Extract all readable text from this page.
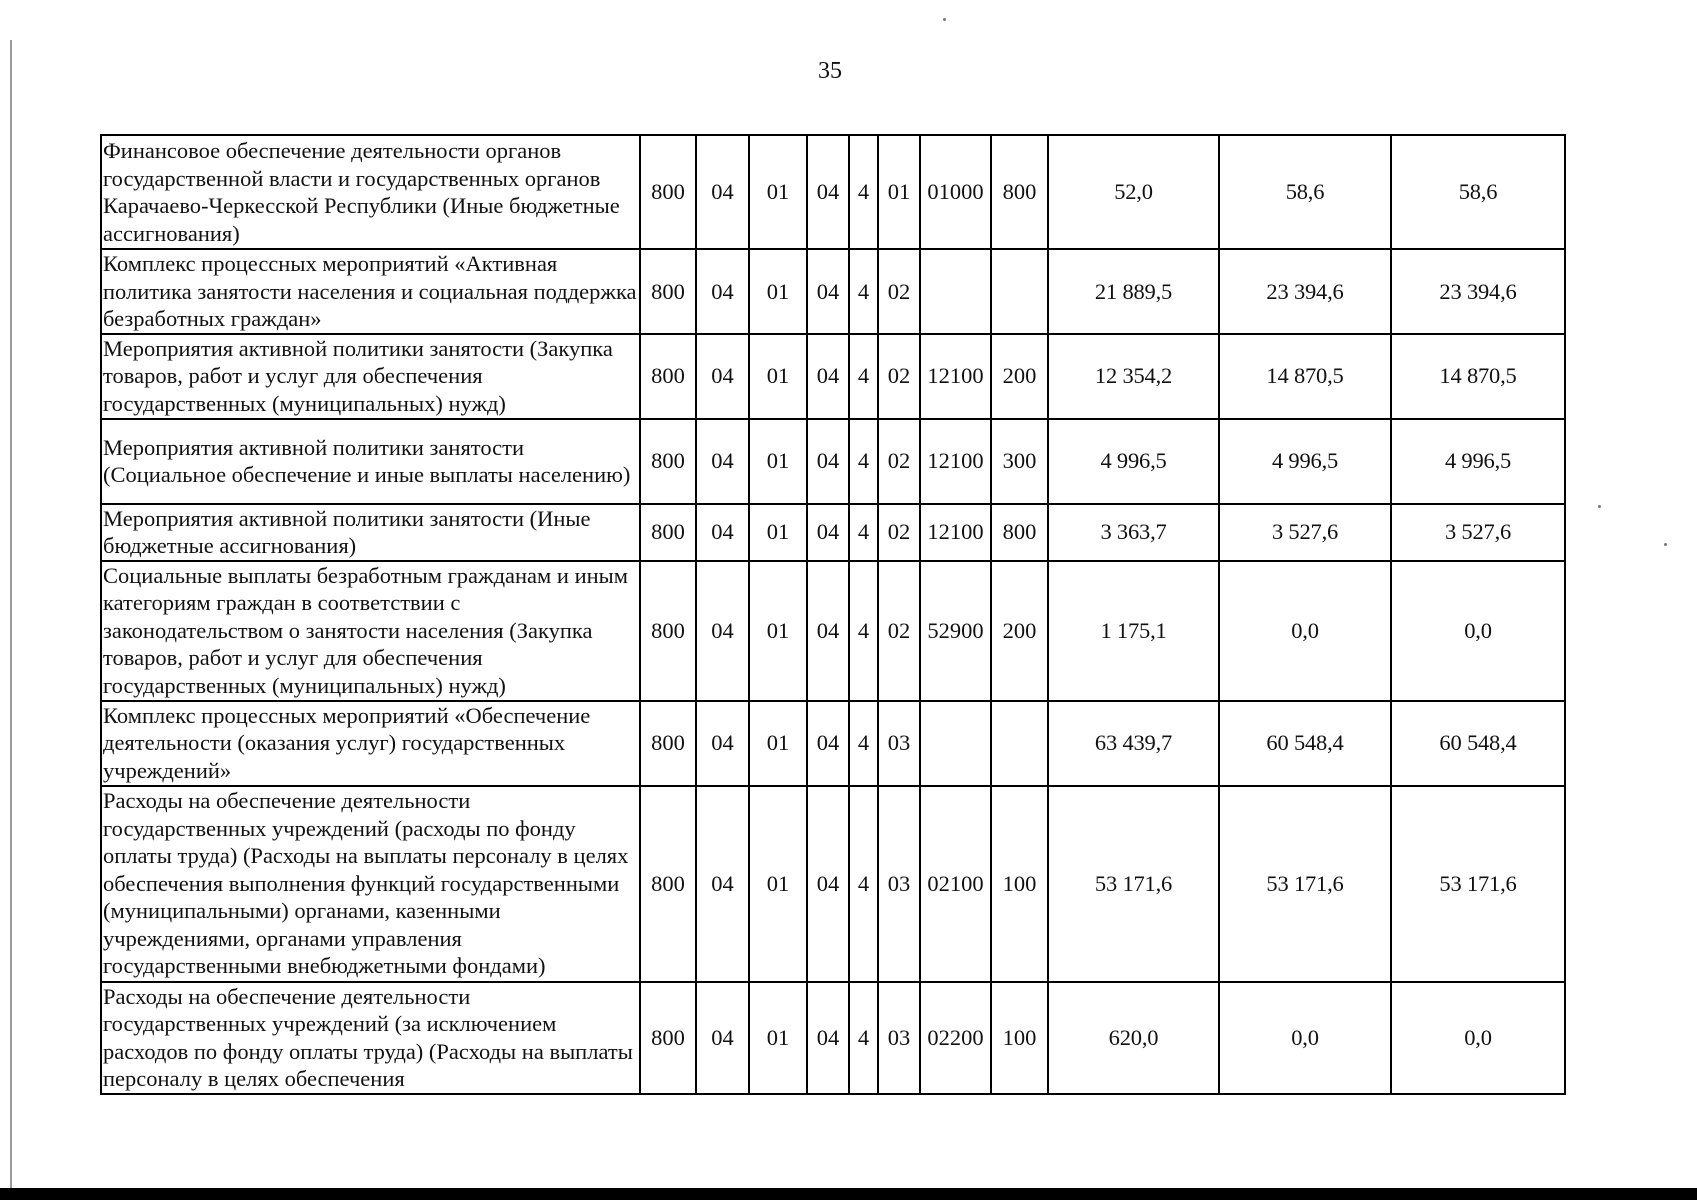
35
Финансовое обеспечение деятельности органов государственной власти и государственных органов Карачаево-Черкесской Республики (Иные бюджетные ассигнования)	800	04	01	04	4	01	01000	800	52,0	58,6	58,6
Комплекс процессных мероприятий «Активная политика занятости населения и социальная поддержка безработных граждан»	800	04	01	04	4	02			21 889,5	23 394,6	23 394,6
Мероприятия активной политики занятости (Закупка товаров, работ и услуг для обеспечения государственных (муниципальных) нужд)	800	04	01	04	4	02	12100	200	12 354,2	14 870,5	14 870,5
Мероприятия активной политики занятости (Социальное обеспечение и иные выплаты населению)	800	04	01	04	4	02	12100	300	4 996,5	4 996,5	4 996,5
Мероприятия активной политики занятости (Иные бюджетные ассигнования)	800	04	01	04	4	02	12100	800	3 363,7	3 527,6	3 527,6
Социальные выплаты безработным гражданам и иным категориям граждан в соответствии с законодательством о занятости населения (Закупка товаров, работ и услуг для обеспечения государственных (муниципальных) нужд)	800	04	01	04	4	02	52900	200	1 175,1	0,0	0,0
Комплекс процессных мероприятий «Обеспечение деятельности (оказания услуг) государственных учреждений»	800	04	01	04	4	03			63 439,7	60 548,4	60 548,4
Расходы на обеспечение деятельности государственных учреждений (расходы по фонду оплаты труда) (Расходы на выплаты персоналу в целях обеспечения выполнения функций государственными (муниципальными) органами, казенными учреждениями, органами управления государственными внебюджетными фондами)	800	04	01	04	4	03	02100	100	53 171,6	53 171,6	53 171,6
Расходы на обеспечение деятельности государственных учреждений (за исключением расходов по фонду оплаты труда) (Расходы на выплаты персоналу в целях обеспечения	800	04	01	04	4	03	02200	100	620,0	0,0	0,0
